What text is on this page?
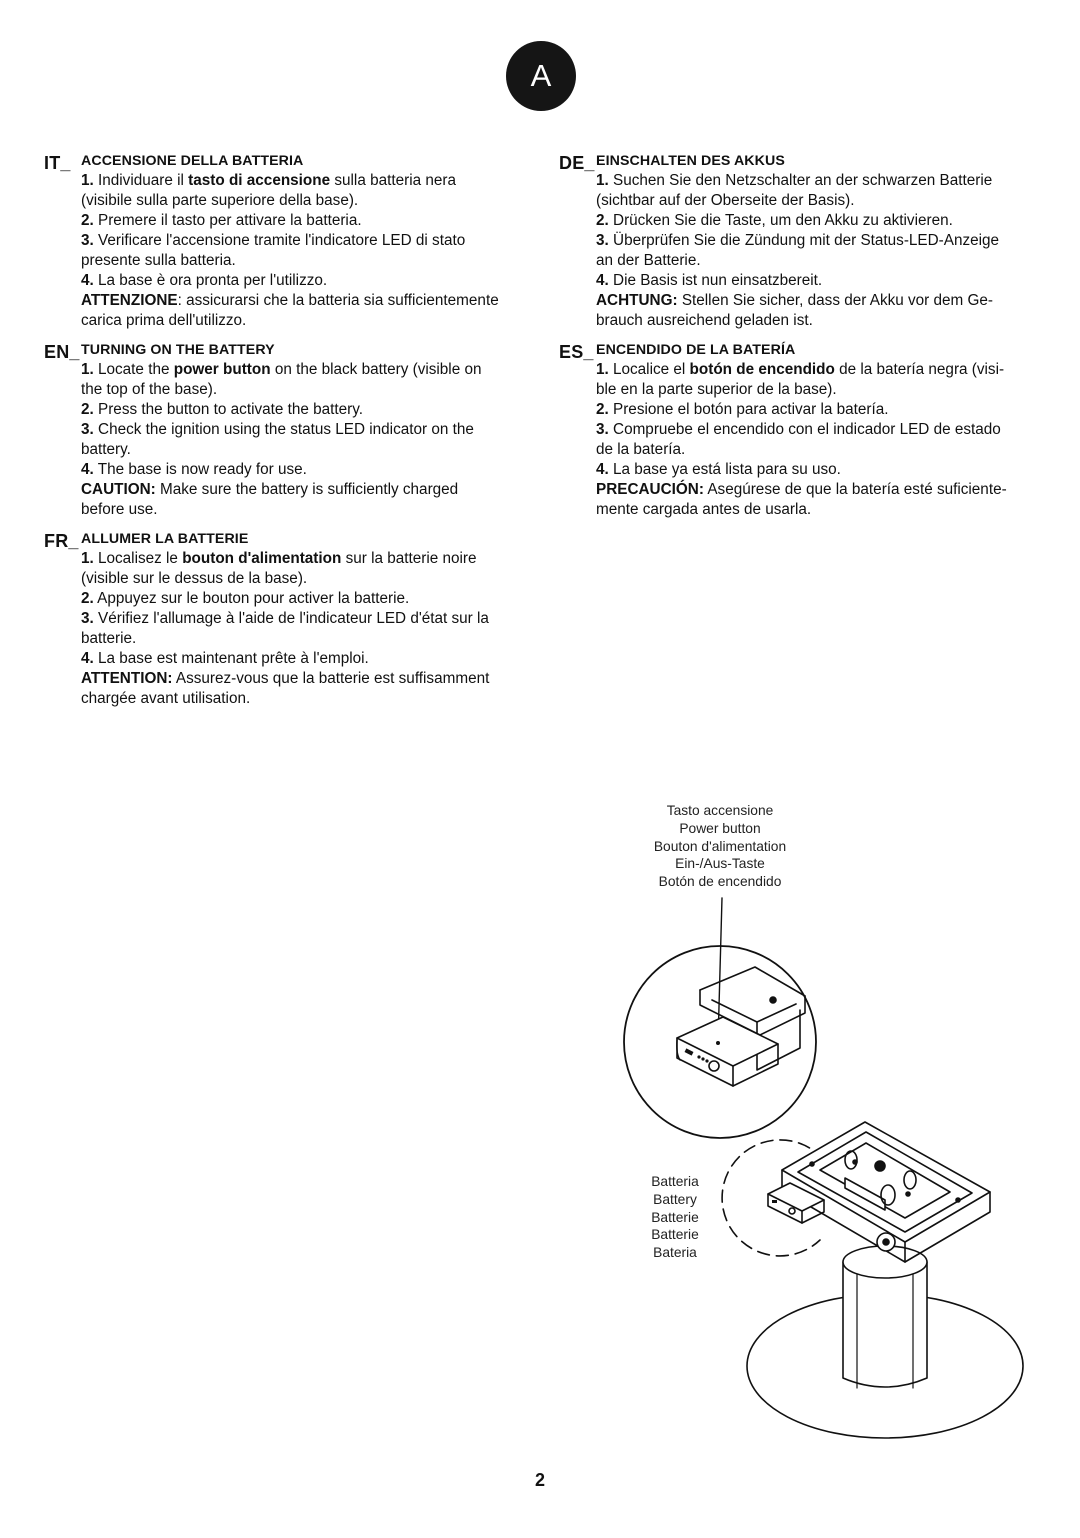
A
IT_ ACCENSIONE DELLA BATTERIA
1. Individuare il tasto di accensione sulla batteria nera
(visibile sulla parte superiore della base).
2. Premere il tasto per attivare la batteria.
3. Verificare l'accensione tramite l'indicatore LED di stato
presente sulla batteria.
4. La base è ora pronta per l'utilizzo.
ATTENZIONE: assicurarsi che la batteria sia sufficientemente
carica prima dell'utilizzo.
EN_ TURNING ON THE BATTERY
1. Locate the power button on the black battery (visible on
the top of the base).
2. Press the button to activate the battery.
3. Check the ignition using the status LED indicator on the
battery.
4. The base is now ready for use.
CAUTION: Make sure the battery is sufficiently charged
before use.
FR_ ALLUMER LA BATTERIE
1. Localisez le bouton d'alimentation sur la batterie noire
(visible sur le dessus de la base).
2. Appuyez sur le bouton pour activer la batterie.
3. Vérifiez l'allumage à l'aide de l'indicateur LED d'état sur la
batterie.
4. La base est maintenant prête à l'emploi.
ATTENTION: Assurez-vous que la batterie est suffisamment
chargée avant utilisation.
DE_ EINSCHALTEN DES AKKUS
1. Suchen Sie den Netzschalter an der schwarzen Batterie
(sichtbar auf der Oberseite der Basis).
2. Drücken Sie die Taste, um den Akku zu aktivieren.
3. Überprüfen Sie die Zündung mit der Status-LED-Anzeige
an der Batterie.
4. Die Basis ist nun einsatzbereit.
ACHTUNG: Stellen Sie sicher, dass der Akku vor dem Ge-
brauch ausreichend geladen ist.
ES_ ENCENDIDO DE LA BATERÍA
1. Localice el botón de encendido de la batería negra (visi-
ble en la parte superior de la base).
2. Presione el botón para activar la batería.
3. Compruebe el encendido con el indicador LED de estado
de la batería.
4. La base ya está lista para su uso.
PRECAUCIÓN: Asegúrese de que la batería esté suficiente-
mente cargada antes de usarla.
Tasto accensione
Power button
Bouton d'alimentation
Ein-/Aus-Taste
Botón de encendido
Batteria
Battery
Batterie
Batterie
Bateria
2
